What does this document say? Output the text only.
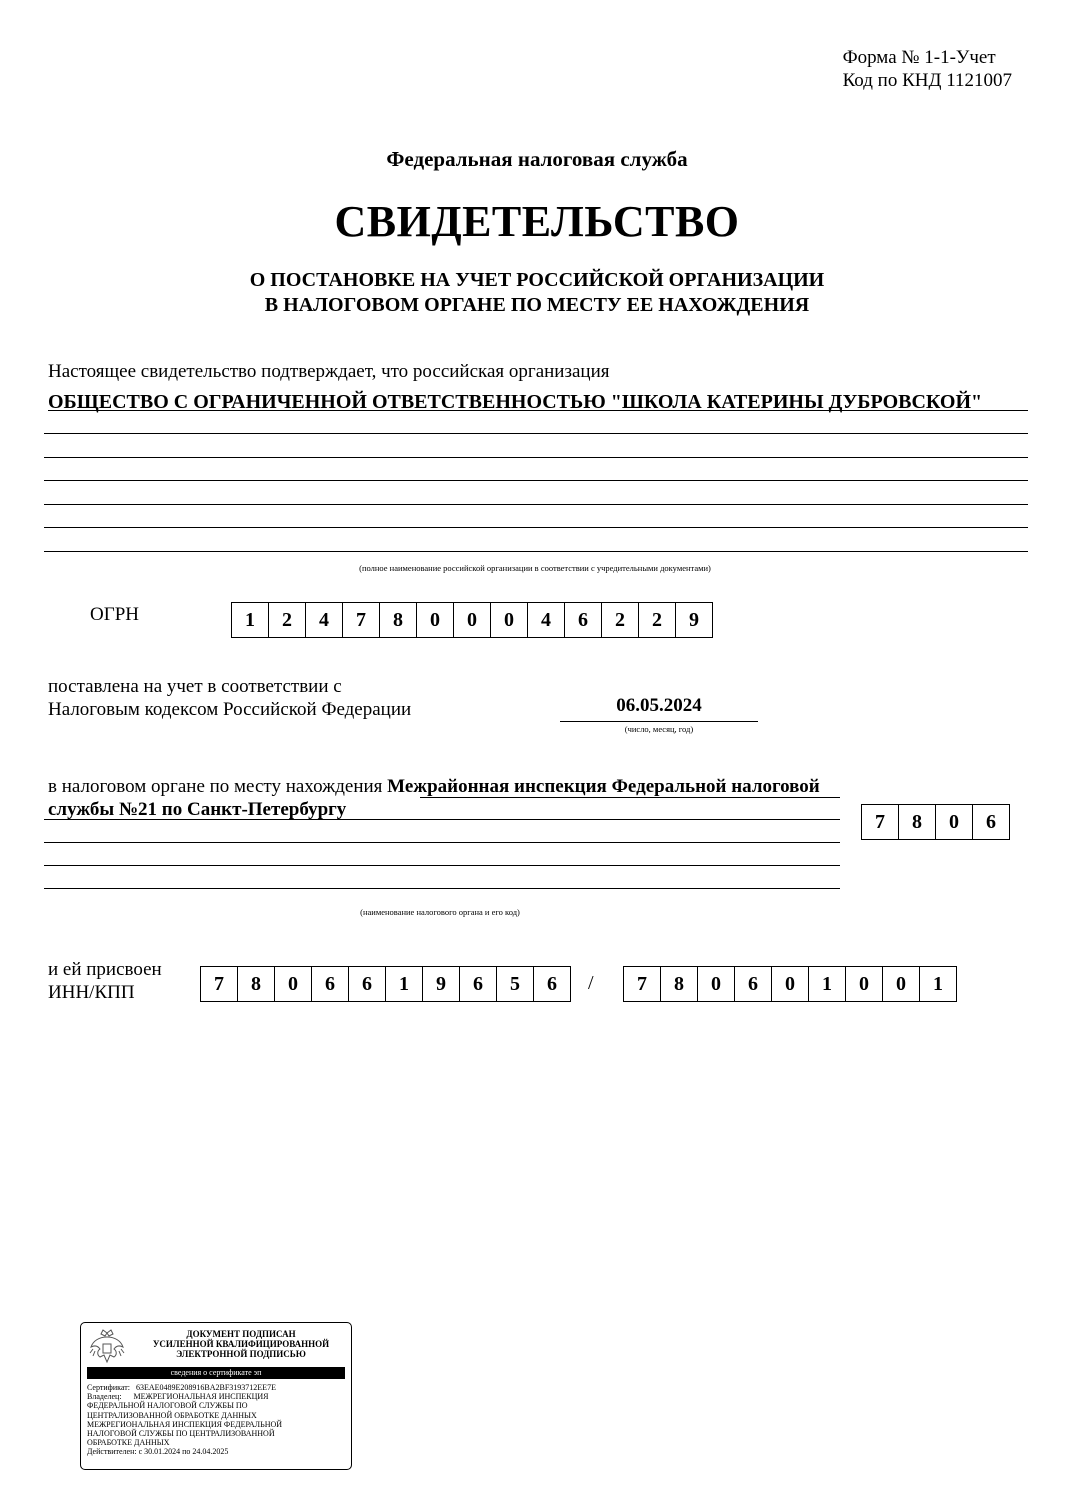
Форма № 1-1-Учет
Код по КНД 1121007
Федеральная налоговая служба
СВИДЕТЕЛЬСТВО
О ПОСТАНОВКЕ НА УЧЕТ РОССИЙСКОЙ ОРГАНИЗАЦИИ
В НАЛОГОВОМ ОРГАНЕ ПО МЕСТУ ЕЕ НАХОЖДЕНИЯ
Настоящее свидетельство подтверждает, что российская организация
ОБЩЕСТВО С ОГРАНИЧЕННОЙ ОТВЕТСТВЕННОСТЬЮ "ШКОЛА КАТЕРИНЫ ДУБРОВСКОЙ"
(полное наименование российской организации в соответствии с учредительными документами)
ОГРН	1	2	4	7	8	0	0	0	4	6	2	2	9
поставлена на учет в соответствии с
Налоговым кодексом Российской Федерации	06.05.2024
(число, месяц, год)
в налоговом органе по месту нахождения Межрайонная инспекция Федеральной налоговой службы №21 по Санкт-Петербургу
(наименование налогового органа и его код)
7	8	0	6
и ей присвоен
ИНН/КПП	7	8	0	6	6	1	9	6	5	6	/	7	8	0	6	0	1	0	0	1
ДОКУМЕНТ ПОДПИСАН
УСИЛЕННОЙ КВАЛИФИЦИРОВАННОЙ
ЭЛЕКТРОННОЙ ПОДПИСЬЮ
сведения о сертификате эп
Сертификат: 63EAE0489E208916BA2BF3193712EE7E
Владелец: МЕЖРЕГИОНАЛЬНАЯ ИНСПЕКЦИЯ
ФЕДЕРАЛЬНОЙ НАЛОГОВОЙ СЛУЖБЫ ПО
ЦЕНТРАЛИЗОВАННОЙ ОБРАБОТКЕ ДАННЫХ
МЕЖРЕГИОНАЛЬНАЯ ИНСПЕКЦИЯ ФЕДЕРАЛЬНОЙ
НАЛОГОВОЙ СЛУЖБЫ ПО ЦЕНТРАЛИЗОВАННОЙ
ОБРАБОТКЕ ДАННЫХ
Действителен: с 30.01.2024 по 24.04.2025
